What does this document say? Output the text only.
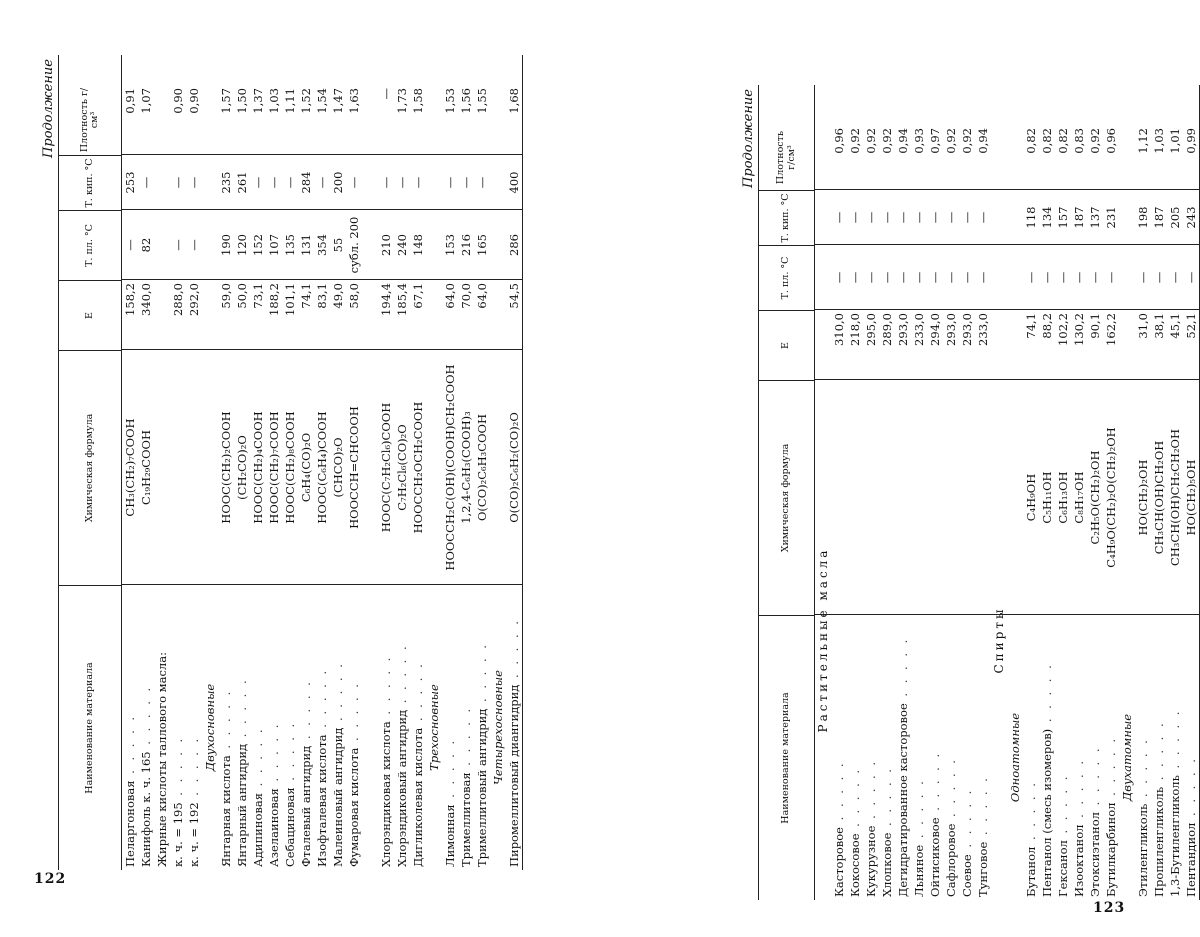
122
123
Продолжение
Наименование материала
Химическая формула
E
Т. пл. °C
Т. кип. °C
Плотность г/см³
Пеларгоновая . . . . .
CH₃(CH₂)₇COOH
158,2
—
253
0,91
Канифоль к. ч. 165 . . . . .
C₁₉H₂₉COOH
340,0
82
—
1,07
Жирные кислоты таллового масла: к. ч. = 195 . . . . .
288,0
—
—
0,90
к. ч. = 192 . . . . .
292,0
—
—
0,90
Двухосновные
Янтарная кислота . . . . .
HOOC(CH₂)₂COOH
59,0
190
235
1,57
Янтарный ангидрид . . . . .
(CH₂CO)₂O
50,0
120
261
1,50
Адипиновая . . . . .
HOOC(CH₂)₄COOH
73,1
152
—
1,37
Азелаиновая . . . . .
HOOC(CH₂)₇COOH
188,2
107
—
1,03
Себациновая . . . . .
HOOC(CH₂)₈COOH
101,1
135
—
1,11
Фталевый ангидрид . . . . .
C₆H₄(CO)₂O
74,1
131
284
1,52
Изофталевая кислота . . . . .
HOOC(C₆H₄)COOH
83,1
354
—
1,54
Малеиновый ангидрид . . . . .
(CHCO)₂O
49,0
55
200
1,47
Фумаровая кислота . . . . .
HOOCCH=CHCOOH
58,0
субл. 200
—
1,63
Хлорэндиковая кислота . . . . .
HOOC(C₇H₂Cl₆)COOH
194,4
210
—
—
Хлорэндиковый ангидрид . . . . .
C₇H₂Cl₆(CO)₂O
185,4
240
—
1,73
Дигликолевая кислота . . . . .
HOOCCH₂OCH₂COOH
67,1
148
—
1,58
Трехосновные
Лимонная . . . . .
HOOCCH₂C(OH)(COOH)CH₂COOH
64,0
153
—
1,53
Тримеллитовая . . . . .
1,2,4-C₆H₃(COOH)₃
70,0
216
—
1,56
Тримеллитовый ангидрид . . . . .
O(CO)₂C₆H₃COOH
64,0
165
—
1,55
Четырехосновные Пиромеллитовый диангидрид . . . . .
O(CO)₂C₆H₂(CO)₂O
54,5
286
400
1,68	Продолжение
Наименование материала
Химическая формула
E
Т. пл. °C
Т. кип. °C
Плотность г/см³
Растительные масла
Касторовое . . . . .
310,0
—
—
0,96
Кокосовое . . . . .
218,0
—
—
0,92
Кукурузное . . . . .
295,0
—
—
0,92
Хлопковое . . . . .
289,0
—
—
0,92
Дегидратированное касторовое . . . . .
293,0
—
—
0,94
Льняное . . . . .
233,0
—
—
0,93
Ойтисиковое . . . . .
294,0
—
—
0,97
Сафлоровое . . . . .
293,0
—
—
0,92
Соевое . . . . .
293,0
—
—
0,92
Тунговое . . . . .
233,0
—
—
0,94
Спирты
Одноатомные
Бутанол . . . . .
C₄H₉OH
74,1
—
118
0,82
Пентанол (смесь изомеров) . . . . .
C₅H₁₁OH
88,2
—
134
0,82
Гексанол . . . . .
C₆H₁₃OH
102,2
—
157
0,82
Изооктанол . . . . .
C₈H₁₇OH
130,2
—
187
0,83
Этоксиэтанол . . . . .
C₂H₅O(CH₂)₂OH
90,1
—
137
0,92
Бутилкарбинол . . . . .
C₄H₉O(CH₂)₂O(CH₂)₂OH
162,2
—
231
0,96
Двухатомные
Этиленгликоль . . . . .
HO(CH₂)₂OH
31,0
—
198
1,12
Пропиленгликоль . . . . .
CH₃CH(OH)CH₂OH
38,1
—
187
1,03
1,3-Бутиленгликоль . . . . .
CH₃CH(OH)CH₂CH₂OH
45,1
—
205
1,01
Пентандиол . . . . .
HO(CH₂)₅OH
52,1
—
243
0,99
